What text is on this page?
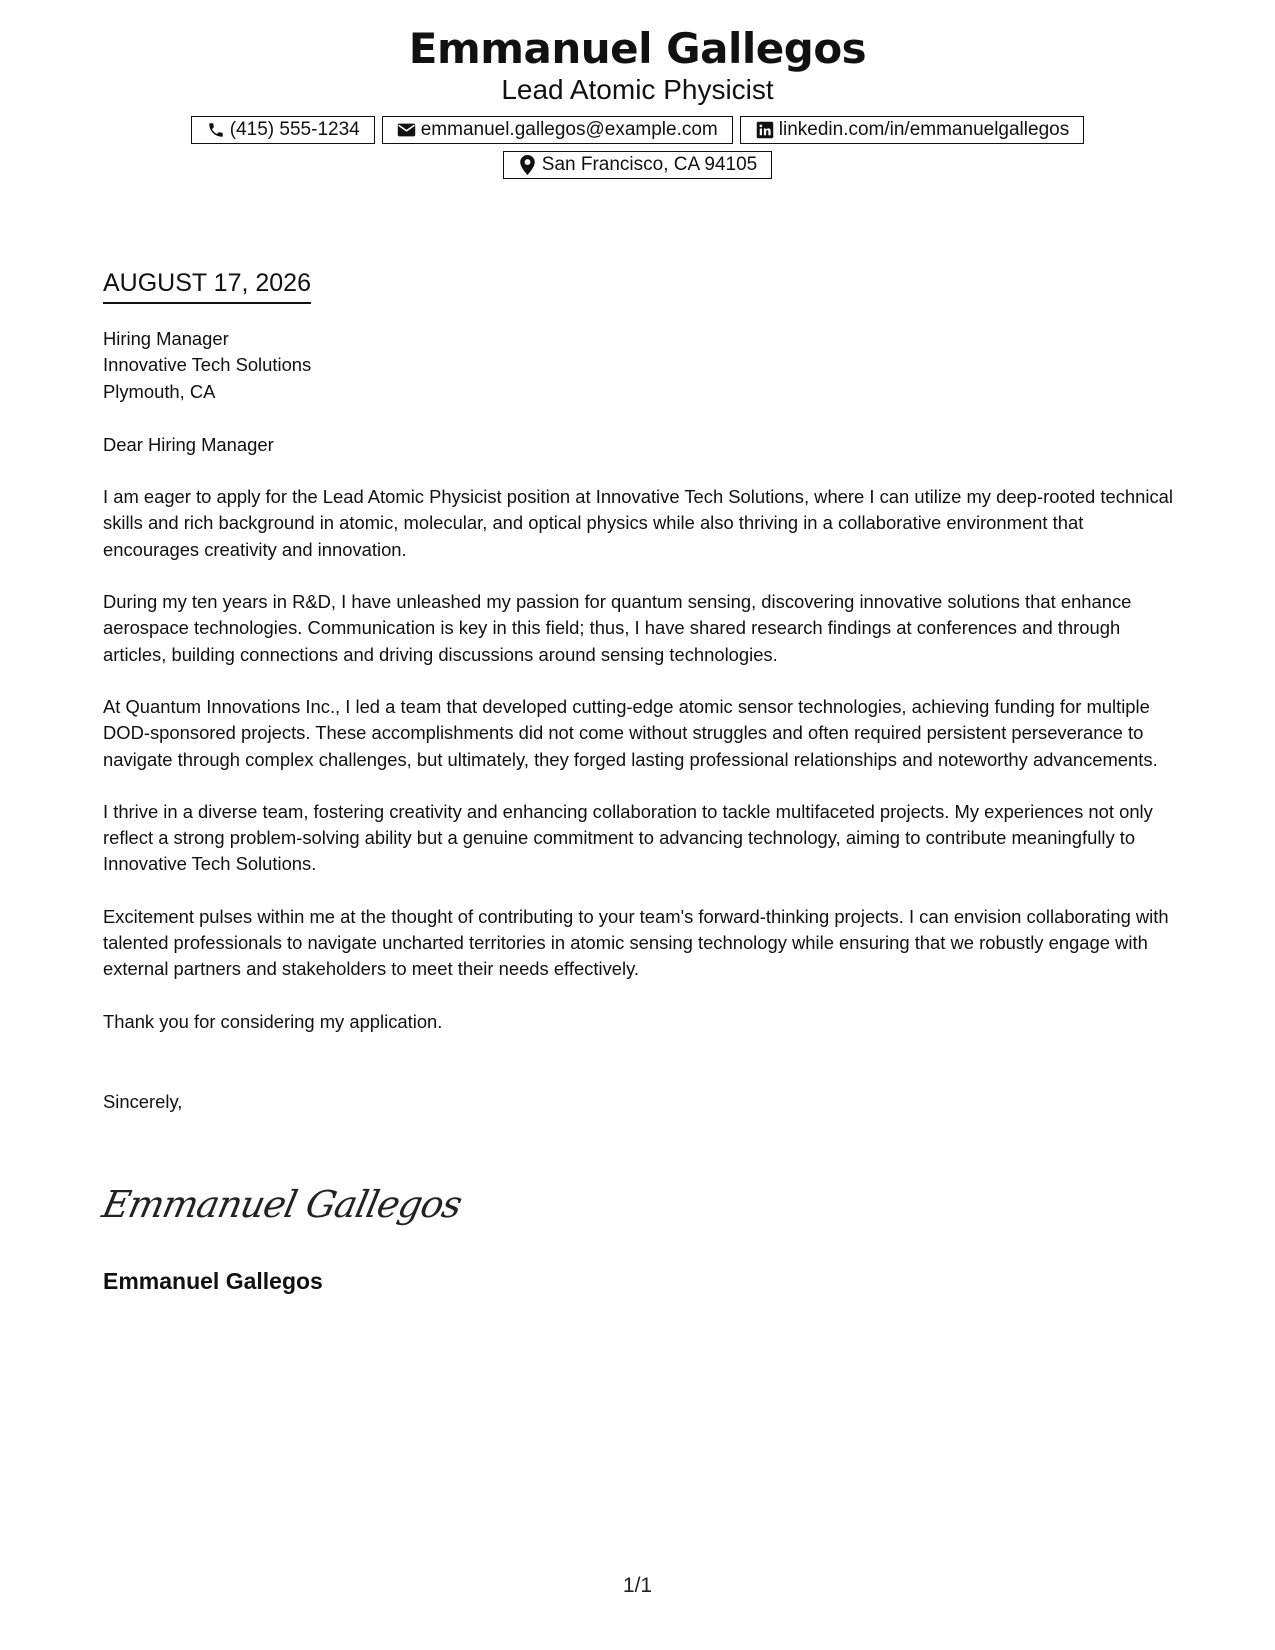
Emmanuel Gallegos
Lead Atomic Physicist
(415) 555-1234	emmanuel.gallegos@example.com	linkedin.com/in/emmanuelgallegos
San Francisco, CA 94105
AUGUST 17, 2026
Hiring Manager
Innovative Tech Solutions
Plymouth, CA
Dear Hiring Manager
I am eager to apply for the Lead Atomic Physicist position at Innovative Tech Solutions, where I can utilize my deep-rooted technical skills and rich background in atomic, molecular, and optical physics while also thriving in a collaborative environment that encourages creativity and innovation.
During my ten years in R&D, I have unleashed my passion for quantum sensing, discovering innovative solutions that enhance aerospace technologies. Communication is key in this field; thus, I have shared research findings at conferences and through articles, building connections and driving discussions around sensing technologies.
At Quantum Innovations Inc., I led a team that developed cutting-edge atomic sensor technologies, achieving funding for multiple DOD-sponsored projects. These accomplishments did not come without struggles and often required persistent perseverance to navigate through complex challenges, but ultimately, they forged lasting professional relationships and noteworthy advancements.
I thrive in a diverse team, fostering creativity and enhancing collaboration to tackle multifaceted projects. My experiences not only reflect a strong problem-solving ability but a genuine commitment to advancing technology, aiming to contribute meaningfully to Innovative Tech Solutions.
Excitement pulses within me at the thought of contributing to your team's forward-thinking projects. I can envision collaborating with talented professionals to navigate uncharted territories in atomic sensing technology while ensuring that we robustly engage with external partners and stakeholders to meet their needs effectively.
Thank you for considering my application.
Sincerely,
Emmanuel Gallegos
Emmanuel Gallegos
1/1
